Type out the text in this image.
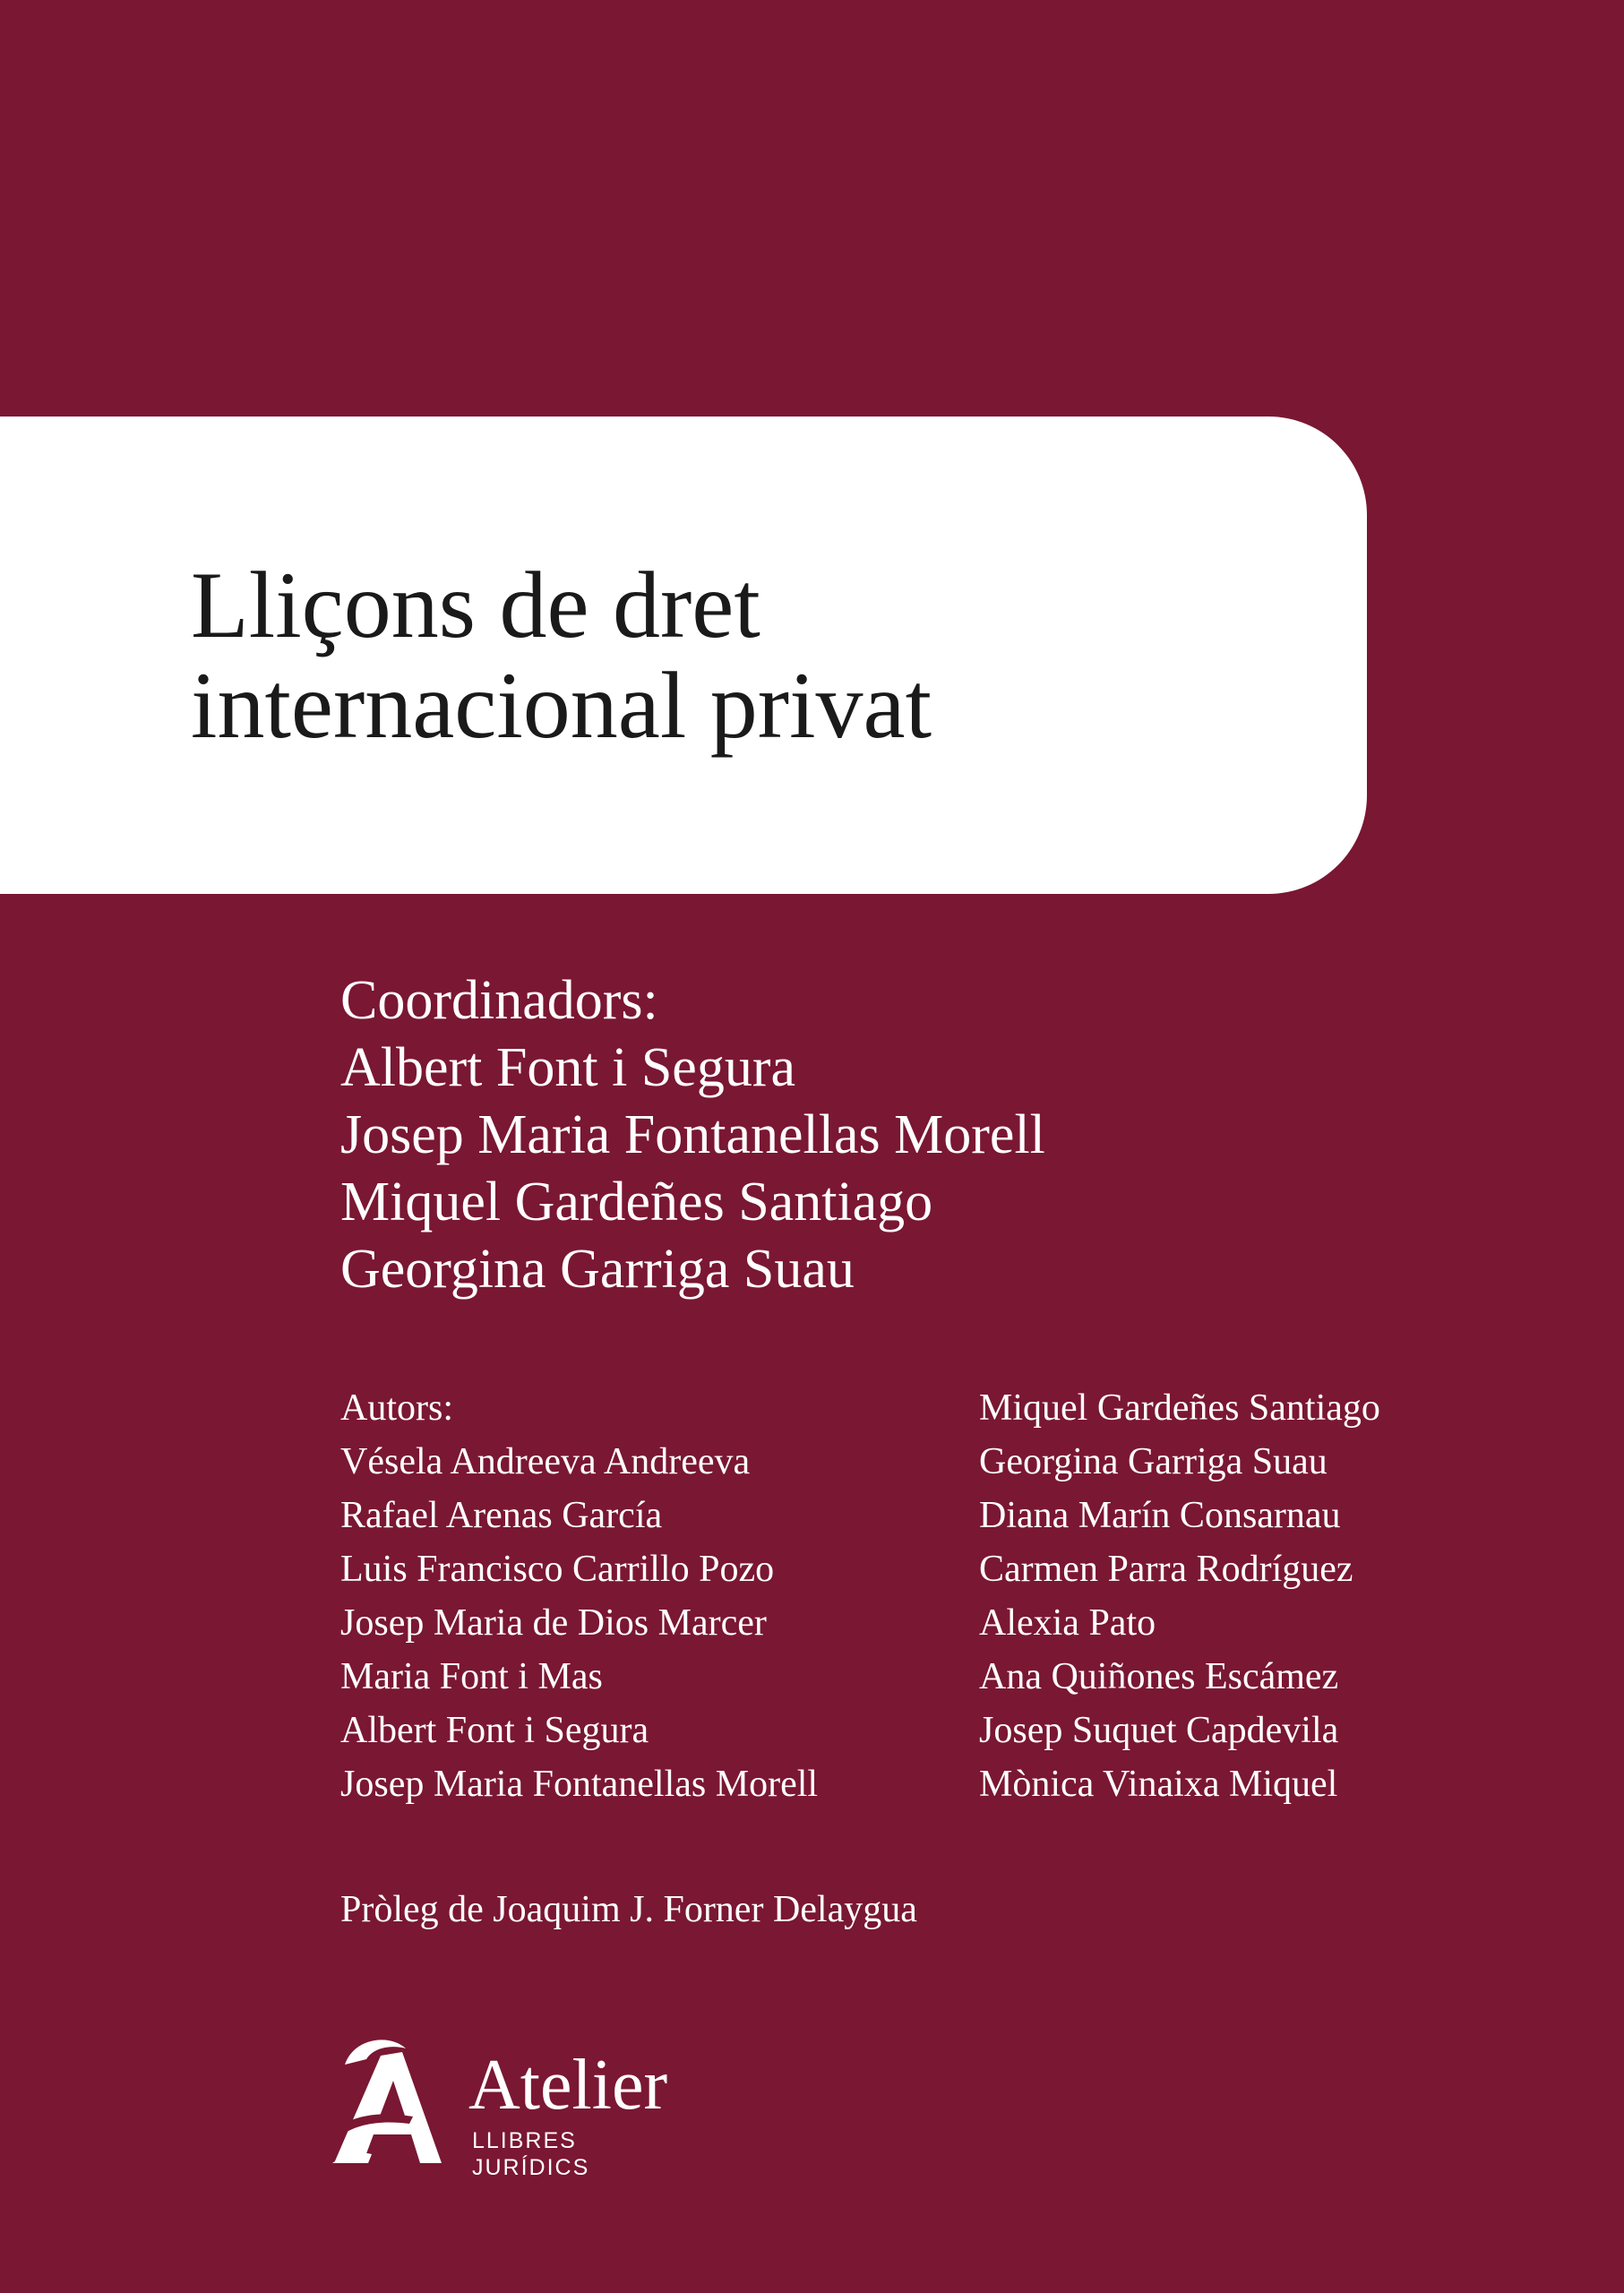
Lliçons de dret
internacional privat
Coordinadors:
Albert Font i Segura
Josep Maria Fontanellas Morell
Miquel Gardeñes Santiago
Georgina Garriga Suau
Autors:
Vésela Andreeva Andreeva
Rafael Arenas García
Luis Francisco Carrillo Pozo
Josep Maria de Dios Marcer
Maria Font i Mas
Albert Font i Segura
Josep Maria Fontanellas Morell
Miquel Gardeñes Santiago
Georgina Garriga Suau
Diana Marín Consarnau
Carmen Parra Rodríguez
Alexia Pato
Ana Quiñones Escámez
Josep Suquet Capdevila
Mònica Vinaixa Miquel
Pròleg de Joaquim J. Forner Delaygua
Atelier
LLIBRES JURÍDICS
